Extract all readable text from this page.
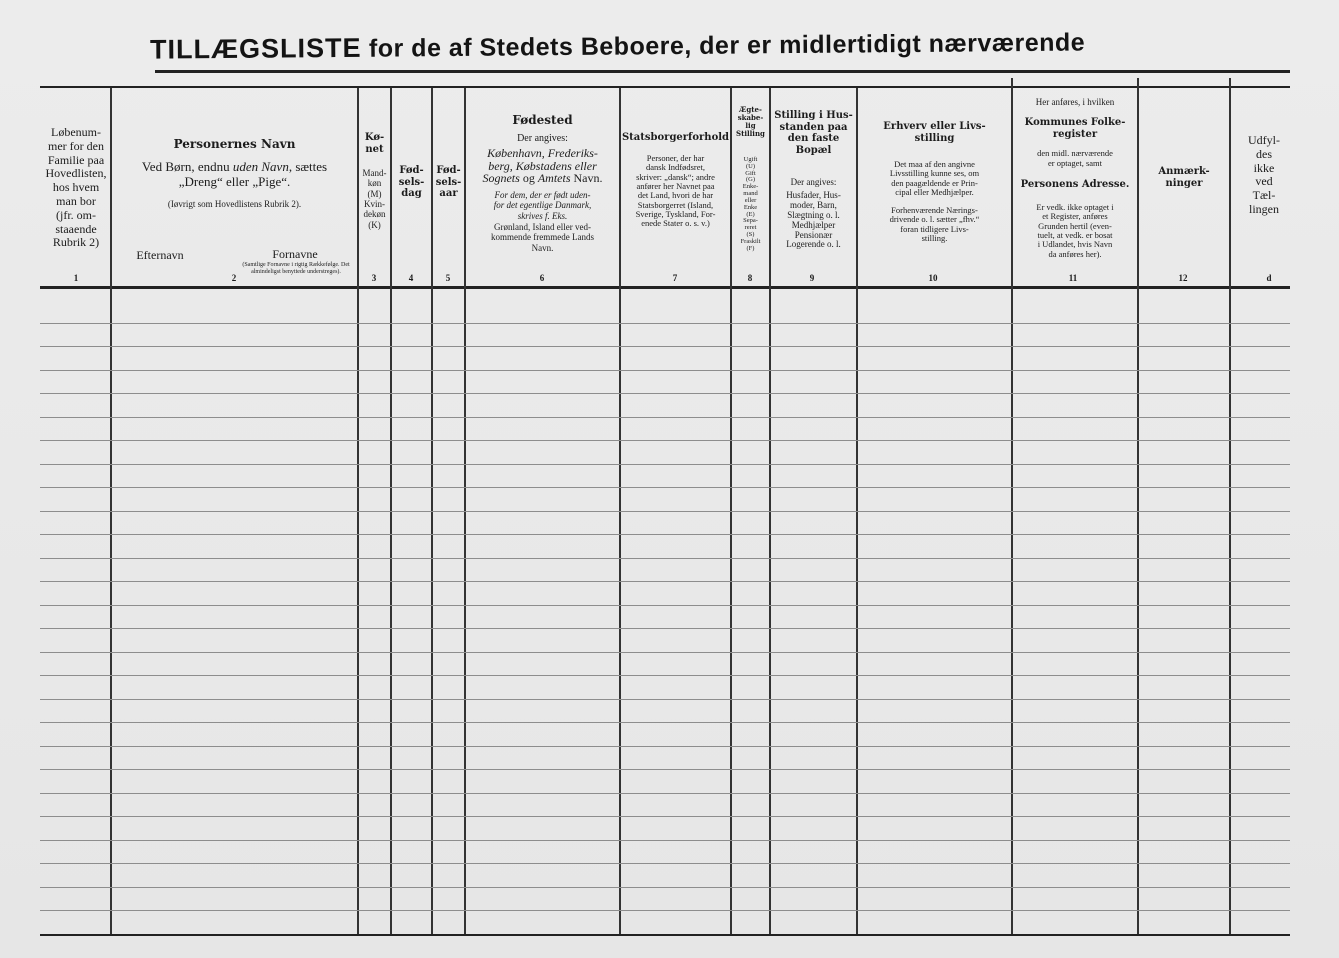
TILLÆGSLISTE for de af Stedets Beboere, der er midlertidigt nærværende
Løbenum-
mer for den
Familie paa
Hovedlisten,
hos hvem
man bor
(jfr. om-
staaende
Rubrik 2)
1
Personernes Navn
Ved Børn, endnu uden Navn, sættes
„Dreng“ eller „Pige“.
(Iøvrigt som Hovedlistens Rubrik 2).
Efternavn	Fornavne
(Samtlige Fornavne i rigtig Rækkefølge. Det almindeligst benyttede understreges).
2
Kø-
net
Mand-
køn
(M)
Kvin-
dekøn
(K)
3
Fød-
sels-
dag
4
Fød-
sels-
aar
5
Fødested
Der angives:
København, Frederiks-
berg, Købstadens eller
Sognets og Amtets Navn.
For dem, der er født uden-
for det egentlige Danmark,
skrives f. Eks.
Grønland, Island eller ved-
kommende fremmede Lands
Navn.
6
Statsborgerforhold
Personer, der har
dansk Indfødsret,
skriver: „dansk“; andre
anfører her Navnet paa
det Land, hvori de har
Statsborgerret (Island,
Sverige, Tyskland, For-
enede Stater o. s. v.)
7
Ægte-
skabe-
lig
Stilling
Ugift
(U)
Gift
(G)
Enke-
mand
eller
Enke
(E)
Sepa-
reret
(S)
Fraskilt
(F)
8
Stilling i Hus-
standen paa
den faste
Bopæl
Der angives:
Husfader, Hus-
moder, Barn,
Slægtning o. l.
Medhjælper
Pensionær
Logerende o. l.
9
Erhverv eller Livs-
stilling
Det maa af den angivne
Livsstilling kunne ses, om
den paagældende er Prin-
cipal eller Medhjælper.
Forhenværende Nærings-
drivende o. l. sætter „fhv.“
foran tidligere Livs-
stilling.
10
Her anføres, i hvilken
Kommunes Folke-
register
den midl. nærværende
er optaget, samt
Personens Adresse.
Er vedk. ikke optaget i
et Register, anføres
Grunden hertil (even-
tuelt, at vedk. er bosat
i Udlandet, hvis Navn
da anføres her).
11
Anmærk-
ninger
12
Udfyl-
des
ikke
ved
Tæl-
lingen
d
